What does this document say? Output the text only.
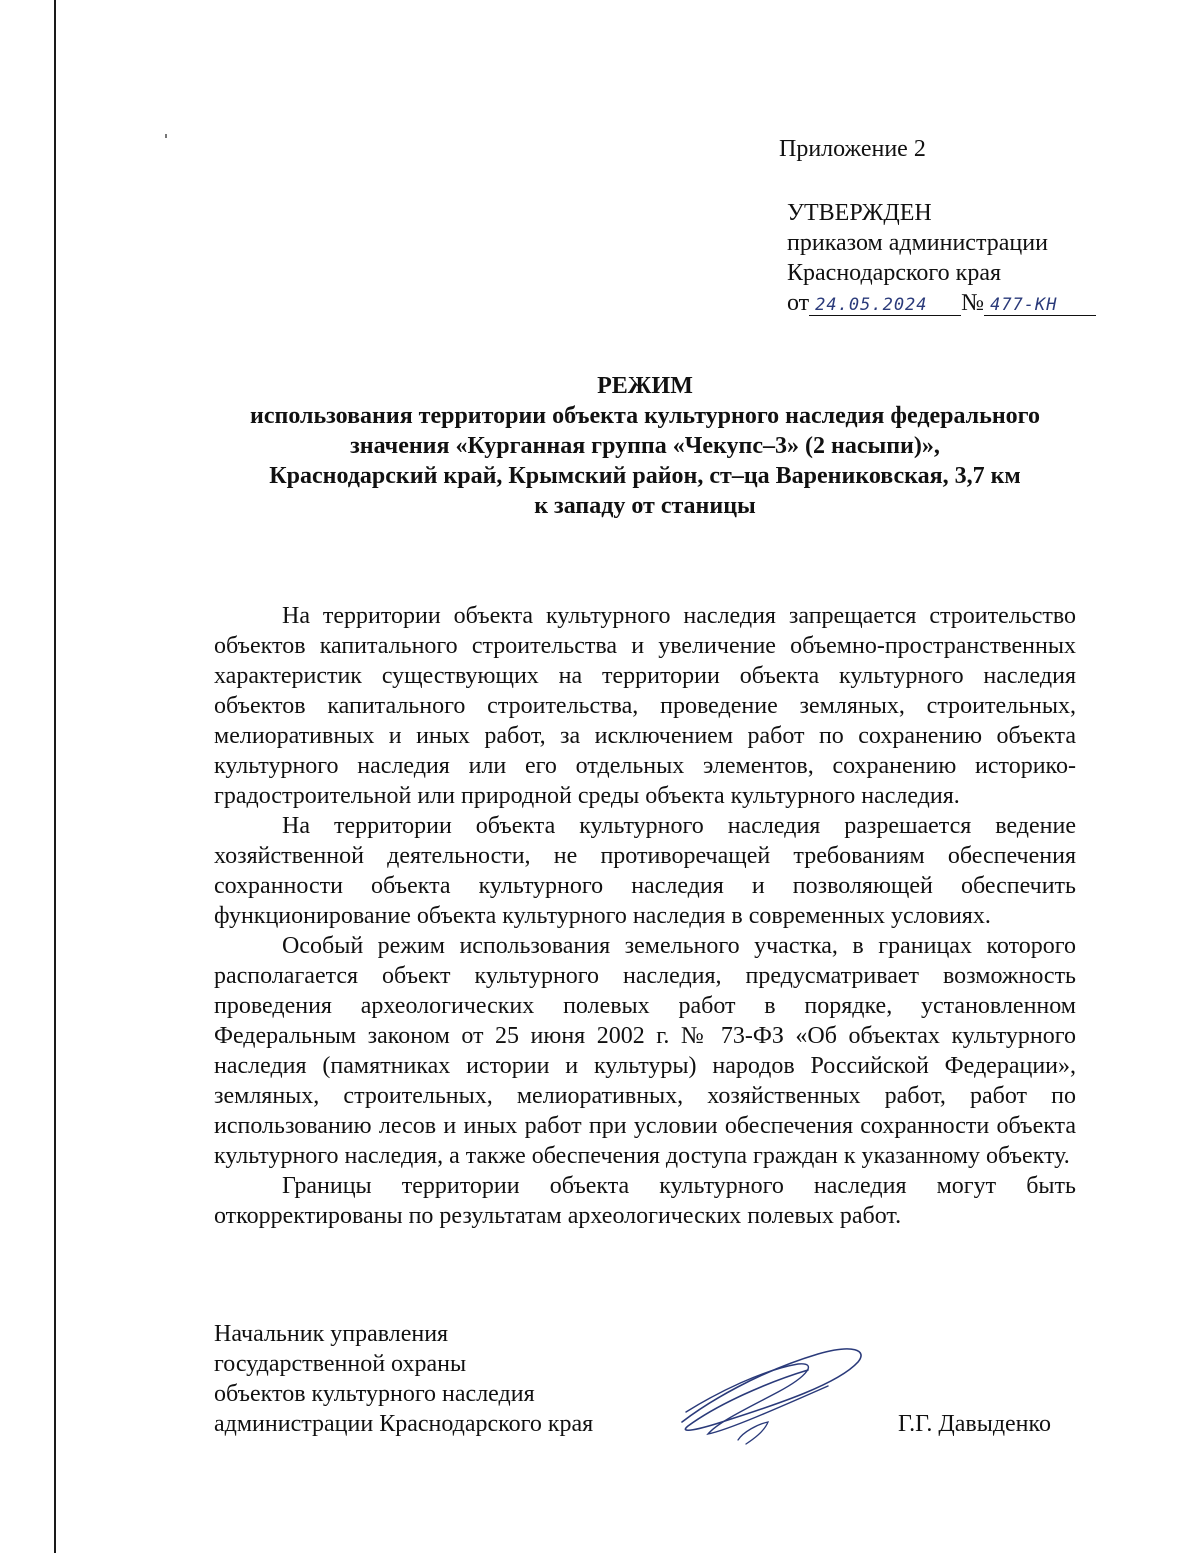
Приложение 2
УТВЕРЖДЕН
приказом администрации
Краснодарского края
от 24.05.2024 № 477-КН
РЕЖИМ
использования территории объекта культурного наследия федерального
значения «Курганная группа «Чекупс–3» (2 насыпи)»,
Краснодарский край, Крымский район, ст–ца Варениковская, 3,7 км
к западу от станицы

На территории объекта культурного наследия запрещается строительство объектов капитального строительства и увеличение объемно-пространственных характеристик существующих на территории объекта культурного наследия объектов капитального строительства, проведение земляных, строительных, мелиоративных и иных работ, за исключением работ по сохранению объекта культурного наследия или его отдельных элементов, сохранению историко-градостроительной или природной среды объекта культурного наследия.

На территории объекта культурного наследия разрешается ведение хозяйственной деятельности, не противоречащей требованиям обеспечения сохранности объекта культурного наследия и позволяющей обеспечить функционирование объекта культурного наследия в современных условиях.

Особый режим использования земельного участка, в границах которого располагается объект культурного наследия, предусматривает возможность проведения археологических полевых работ в порядке, установленном Федеральным законом от 25 июня 2002 г. № 73-ФЗ «Об объектах культурного наследия (памятниках истории и культуры) народов Российской Федерации», земляных, строительных, мелиоративных, хозяйственных работ, работ по использованию лесов и иных работ при условии обеспечения сохранности объекта культурного наследия, а также обеспечения доступа граждан к указанному объекту.

Границы территории объекта культурного наследия могут быть откорректированы по результатам археологических полевых работ.

Начальник управления
государственной охраны
объектов культурного наследия
администрации Краснодарского края	Г.Г. Давыденко
